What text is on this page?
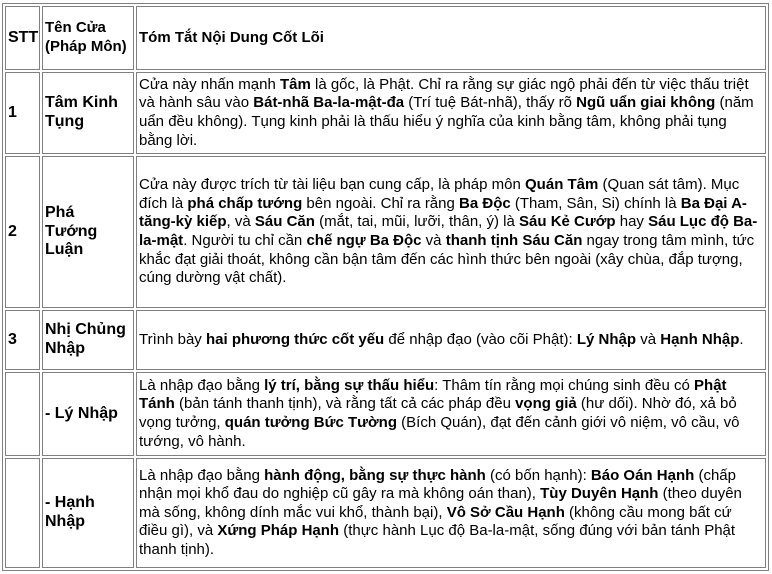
STT	Tên Cửa (Pháp Môn)	Tóm Tắt Nội Dung Cốt Lõi
1	Tâm Kinh Tụng	Cửa này nhấn mạnh Tâm là gốc, là Phật. Chỉ ra rằng sự giác ngộ phải đến từ việc thấu triệt và hành sâu vào Bát-nhã Ba-la-mật-đa (Trí tuệ Bát-nhã), thấy rõ Ngũ uẩn giai không (năm uẩn đều không). Tụng kinh phải là thấu hiểu ý nghĩa của kinh bằng tâm, không phải tụng bằng lời.
2	Phá Tướng Luận	Cửa này được trích từ tài liệu bạn cung cấp, là pháp môn Quán Tâm (Quan sát tâm). Mục đích là phá chấp tướng bên ngoài. Chỉ ra rằng Ba Độc (Tham, Sân, Si) chính là Ba Đại A-tăng-kỳ kiếp, và Sáu Căn (mắt, tai, mũi, lưỡi, thân, ý) là Sáu Kẻ Cướp hay Sáu Lục độ Ba-la-mật. Người tu chỉ cần chế ngự Ba Độc và thanh tịnh Sáu Căn ngay trong tâm mình, tức khắc đạt giải thoát, không cần bận tâm đến các hình thức bên ngoài (xây chùa, đắp tượng, cúng dường vật chất).
3	Nhị Chủng Nhập	Trình bày hai phương thức cốt yếu để nhập đạo (vào cõi Phật): Lý Nhập và Hạnh Nhập.
	- Lý Nhập	Là nhập đạo bằng lý trí, bằng sự thấu hiểu: Thâm tín rằng mọi chúng sinh đều có Phật Tánh (bản tánh thanh tịnh), và rằng tất cả các pháp đều vọng giả (hư dối). Nhờ đó, xả bỏ vọng tưởng, quán tưởng Bức Tường (Bích Quán), đạt đến cảnh giới vô niệm, vô cầu, vô tướng, vô hành.
	- Hạnh Nhập	Là nhập đạo bằng hành động, bằng sự thực hành (có bốn hạnh): Báo Oán Hạnh (chấp nhận mọi khổ đau do nghiệp cũ gây ra mà không oán than), Tùy Duyên Hạnh (theo duyên mà sống, không dính mắc vui khổ, thành bại), Vô Sở Cầu Hạnh (không cầu mong bất cứ điều gì), và Xứng Pháp Hạnh (thực hành Lục độ Ba-la-mật, sống đúng với bản tánh Phật thanh tịnh).
